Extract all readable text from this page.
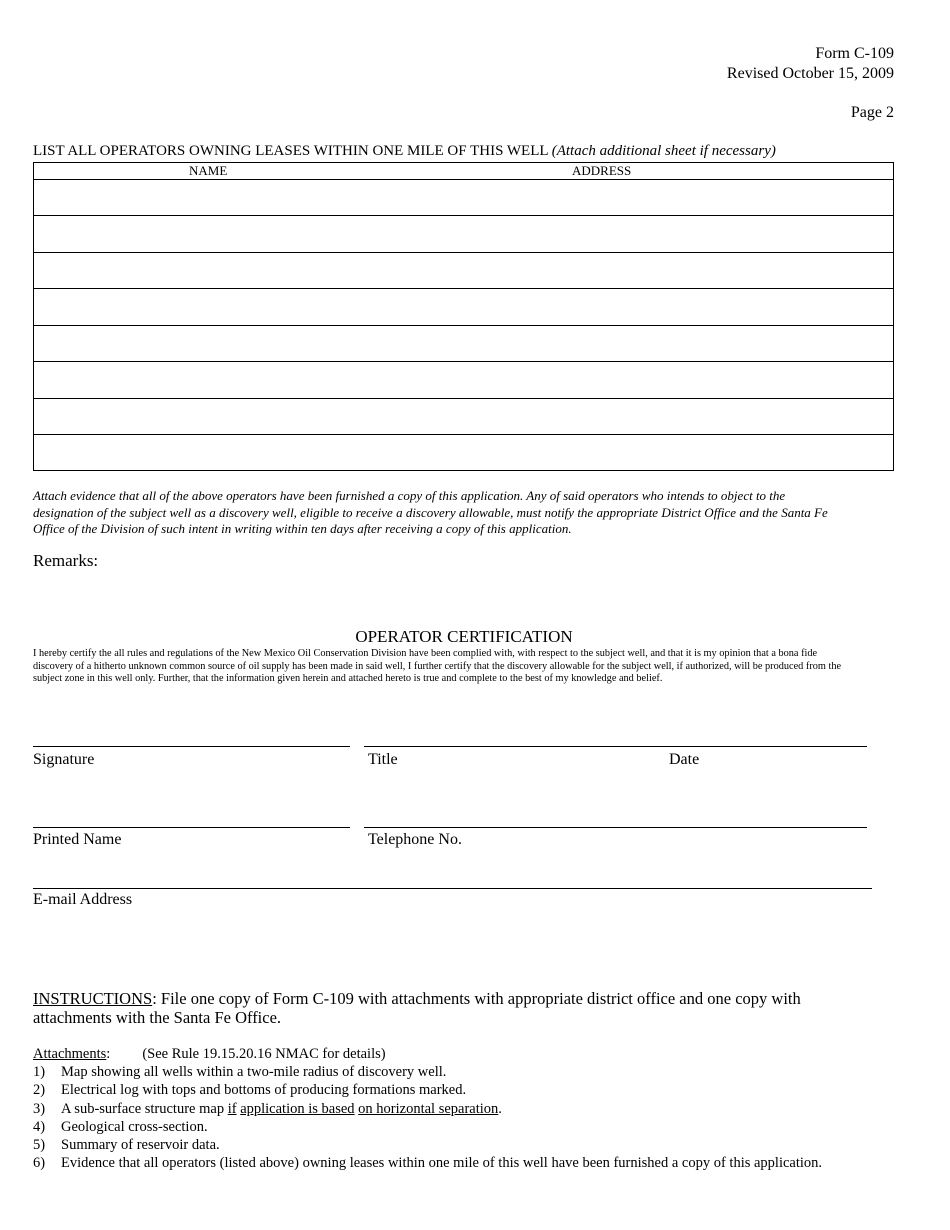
Form C-109
Revised October 15, 2009
Page 2
LIST ALL OPERATORS OWNING LEASES WITHIN ONE MILE OF THIS WELL (Attach additional sheet if necessary)
NAME	ADDRESS
Attach evidence that all of the above operators have been furnished a copy of this application. Any of said operators who intends to object to the
designation of the subject well as a discovery well, eligible to receive a discovery allowable, must notify the appropriate District Office and the Santa Fe
Office of the Division of such intent in writing within ten days after receiving a copy of this application.
Remarks:
OPERATOR CERTIFICATION
I hereby certify the all rules and regulations of the New Mexico Oil Conservation Division have been complied with, with respect to the subject well, and that it is my opinion that a bona fide
discovery of a hitherto unknown common source of oil supply has been made in said well, I further certify that the discovery allowable for the subject well, if authorized, will be produced from the
subject zone in this well only. Further, that the information given herein and attached hereto is true and complete to the best of my knowledge and belief.
Signature	Title	Date
Printed Name	Telephone No.
E-mail Address
INSTRUCTIONS: File one copy of Form C-109 with attachments with appropriate district office and one copy with
attachments with the Santa Fe Office.
Attachments: (See Rule 19.15.20.16 NMAC for details)
1) Map showing all wells within a two-mile radius of discovery well.
2) Electrical log with tops and bottoms of producing formations marked.
3) A sub-surface structure map if application is based on horizontal separation.
4) Geological cross-section.
5) Summary of reservoir data.
6) Evidence that all operators (listed above) owning leases within one mile of this well have been furnished a copy of this application.
